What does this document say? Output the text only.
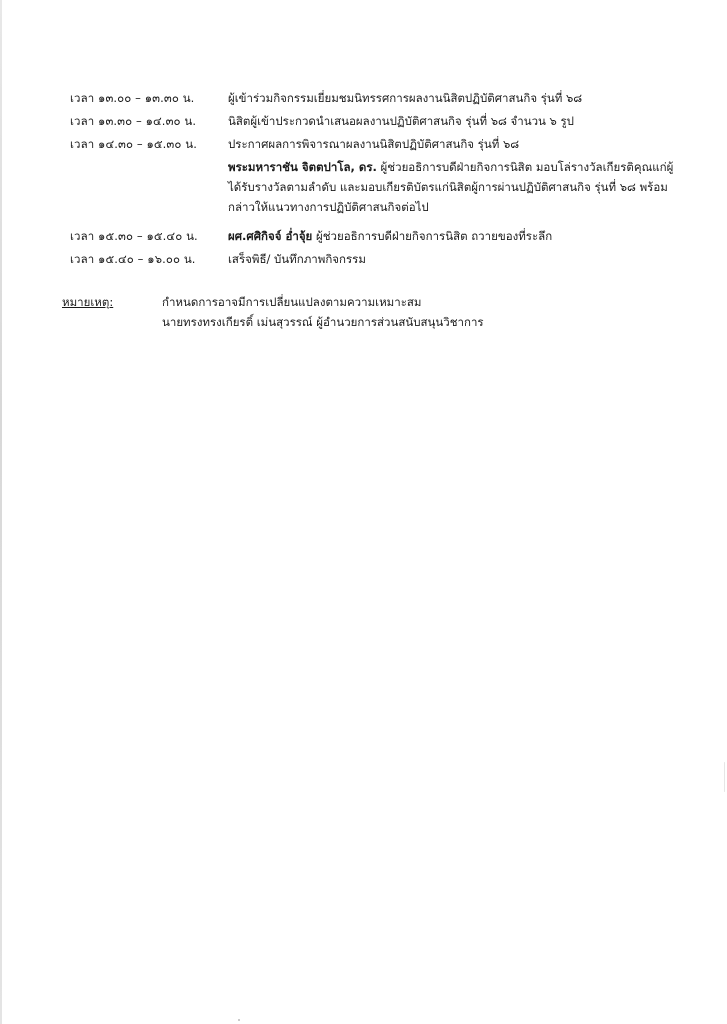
เวลา ๑๓.๐๐ – ๑๓.๓๐ น.	ผู้เข้าร่วมกิจกรรมเยี่ยมชมนิทรรศการผลงานนิสิตปฏิบัติศาสนกิจ รุ่นที่ ๖๘
เวลา ๑๓.๓๐ – ๑๔.๓๐ น.	นิสิตผู้เข้าประกวดนำเสนอผลงานปฏิบัติศาสนกิจ รุ่นที่ ๖๘ จำนวน ๖ รูป
เวลา ๑๔.๓๐ – ๑๕.๓๐ น.	ประกาศผลการพิจารณาผลงานนิสิตปฏิบัติศาสนกิจ รุ่นที่ ๖๘
พระมหาราชัน จิตตปาโล, ดร. ผู้ช่วยอธิการบดีฝ่ายกิจการนิสิต มอบโล่รางวัลเกียรติคุณแก่ผู้
ได้รับรางวัลตามลำดับ และมอบเกียรติบัตรแก่นิสิตผู้การผ่านปฏิบัติศาสนกิจ รุ่นที่ ๖๘ พร้อม
กล่าวให้แนวทางการปฏิบัติศาสนกิจต่อไป
เวลา ๑๕.๓๐ – ๑๕.๔๐ น.	ผศ.ศศิกิจจ์ อ่ำจุ้ย ผู้ช่วยอธิการบดีฝ่ายกิจการนิสิต ถวายของที่ระลึก
เวลา ๑๕.๔๐ – ๑๖.๐๐ น.	เสร็จพิธี/ บันทึกภาพกิจกรรม
หมายเหตุ:	กำหนดการอาจมีการเปลี่ยนแปลงตามความเหมาะสม
นายทรงทรงเกียรติ์ เม่นสุวรรณ์ ผู้อำนวยการส่วนสนับสนุนวิชาการ
